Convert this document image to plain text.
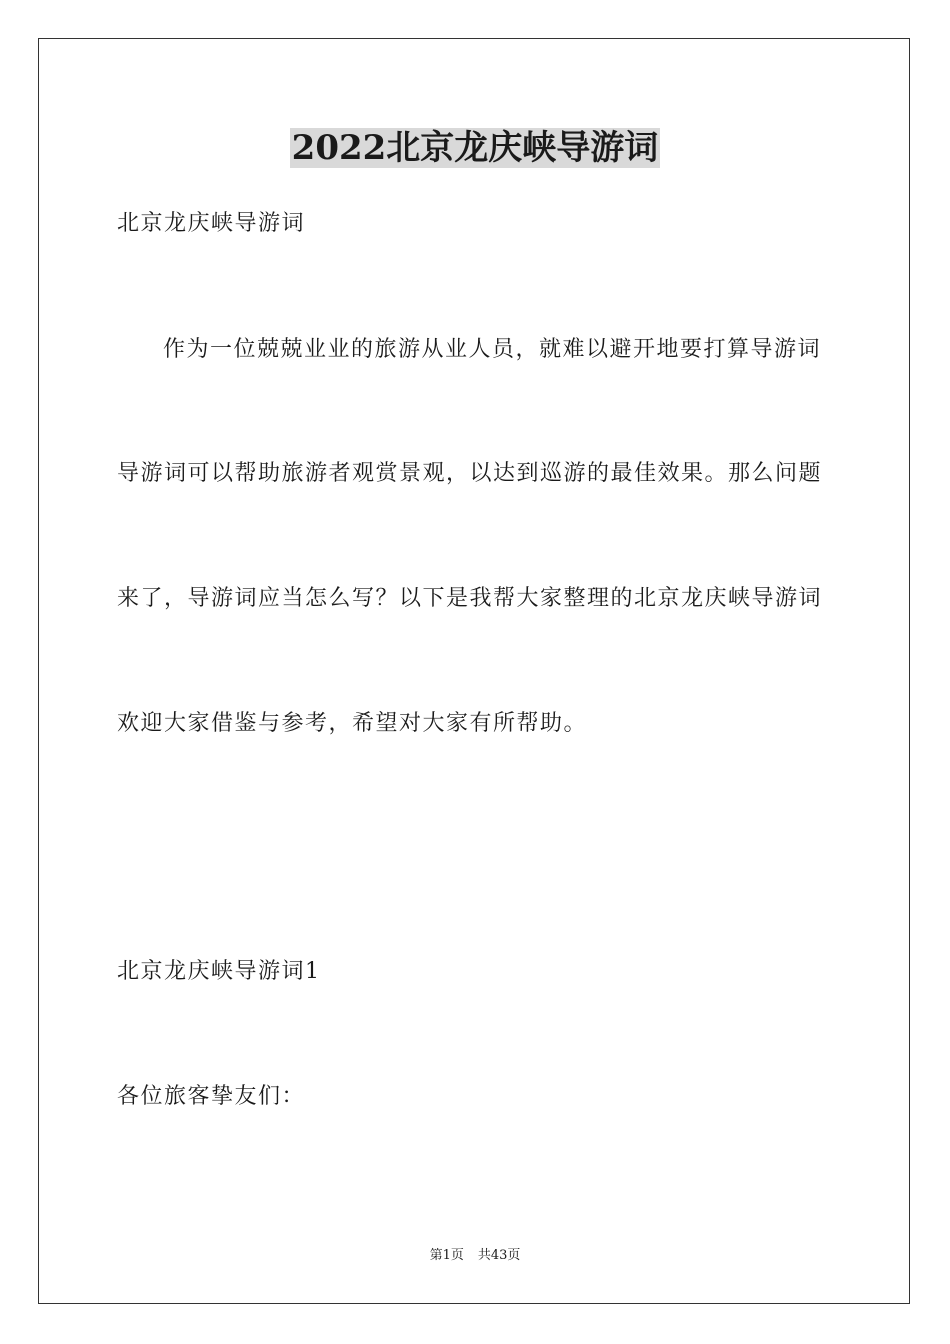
2022北京龙庆峡导游词

北京龙庆峡导游词

作为一位兢兢业业的旅游从业人员，就难以避开地要打算导游词

导游词可以帮助旅游者观赏景观，以达到巡游的最佳效果。那么问题

来了，导游词应当怎么写？以下是我帮大家整理的北京龙庆峡导游词

欢迎大家借鉴与参考，希望对大家有所帮助。

北京龙庆峡导游词1

各位旅客挚友们：

第1页 共43页
